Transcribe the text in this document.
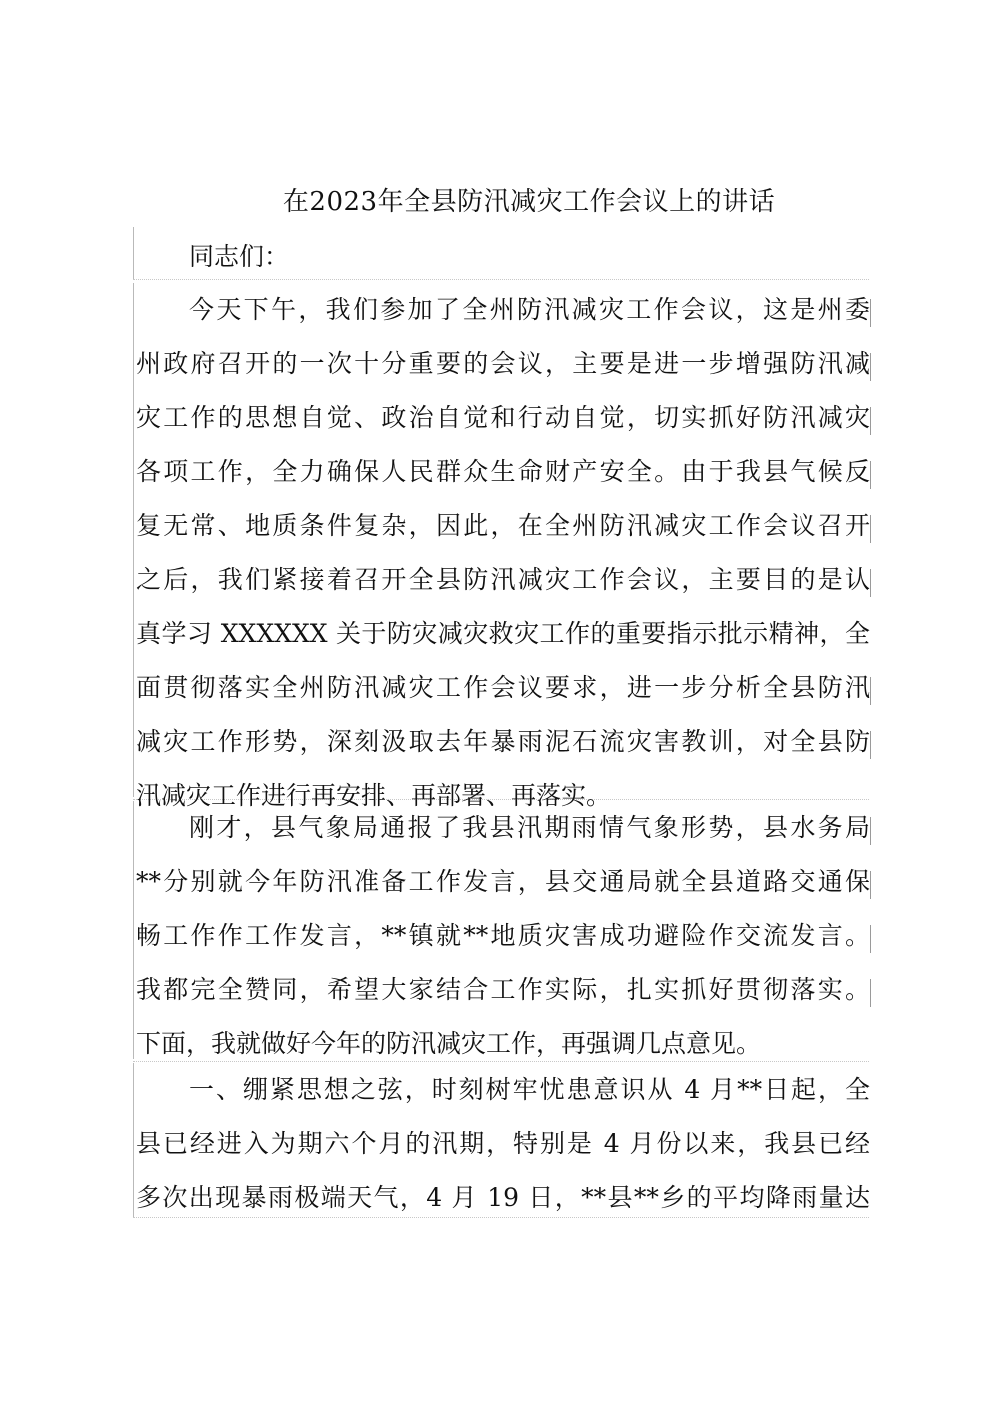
在2023年全县防汛减灾工作会议上的讲话
同志们：
今天下午，我们参加了全州防汛减灾工作会议，这是州委
州政府召开的一次十分重要的会议，主要是进一步增强防汛减
灾工作的思想自觉、政治自觉和行动自觉，切实抓好防汛减灾
各项工作，全力确保人民群众生命财产安全。由于我县气候反
复无常、地质条件复杂，因此，在全州防汛减灾工作会议召开
之后，我们紧接着召开全县防汛减灾工作会议，主要目的是认
真学习 XXXXXX 关于防灾减灾救灾工作的重要指示批示精神，全
面贯彻落实全州防汛减灾工作会议要求，进一步分析全县防汛
减灾工作形势，深刻汲取去年暴雨泥石流灾害教训，对全县防
汛减灾工作进行再安排、再部署、再落实。
刚才，县气象局通报了我县汛期雨情气象形势，县水务局
**分别就今年防汛准备工作发言，县交通局就全县道路交通保
畅工作作工作发言，**镇就**地质灾害成功避险作交流发言。
我都完全赞同，希望大家结合工作实际，扎实抓好贯彻落实。
下面，我就做好今年的防汛减灾工作，再强调几点意见。
一、绷紧思想之弦，时刻树牢忧患意识从 4 月**日起，全
县已经进入为期六个月的汛期，特别是 4 月份以来，我县已经
多次出现暴雨极端天气，4 月 19 日，**县**乡的平均降雨量达
